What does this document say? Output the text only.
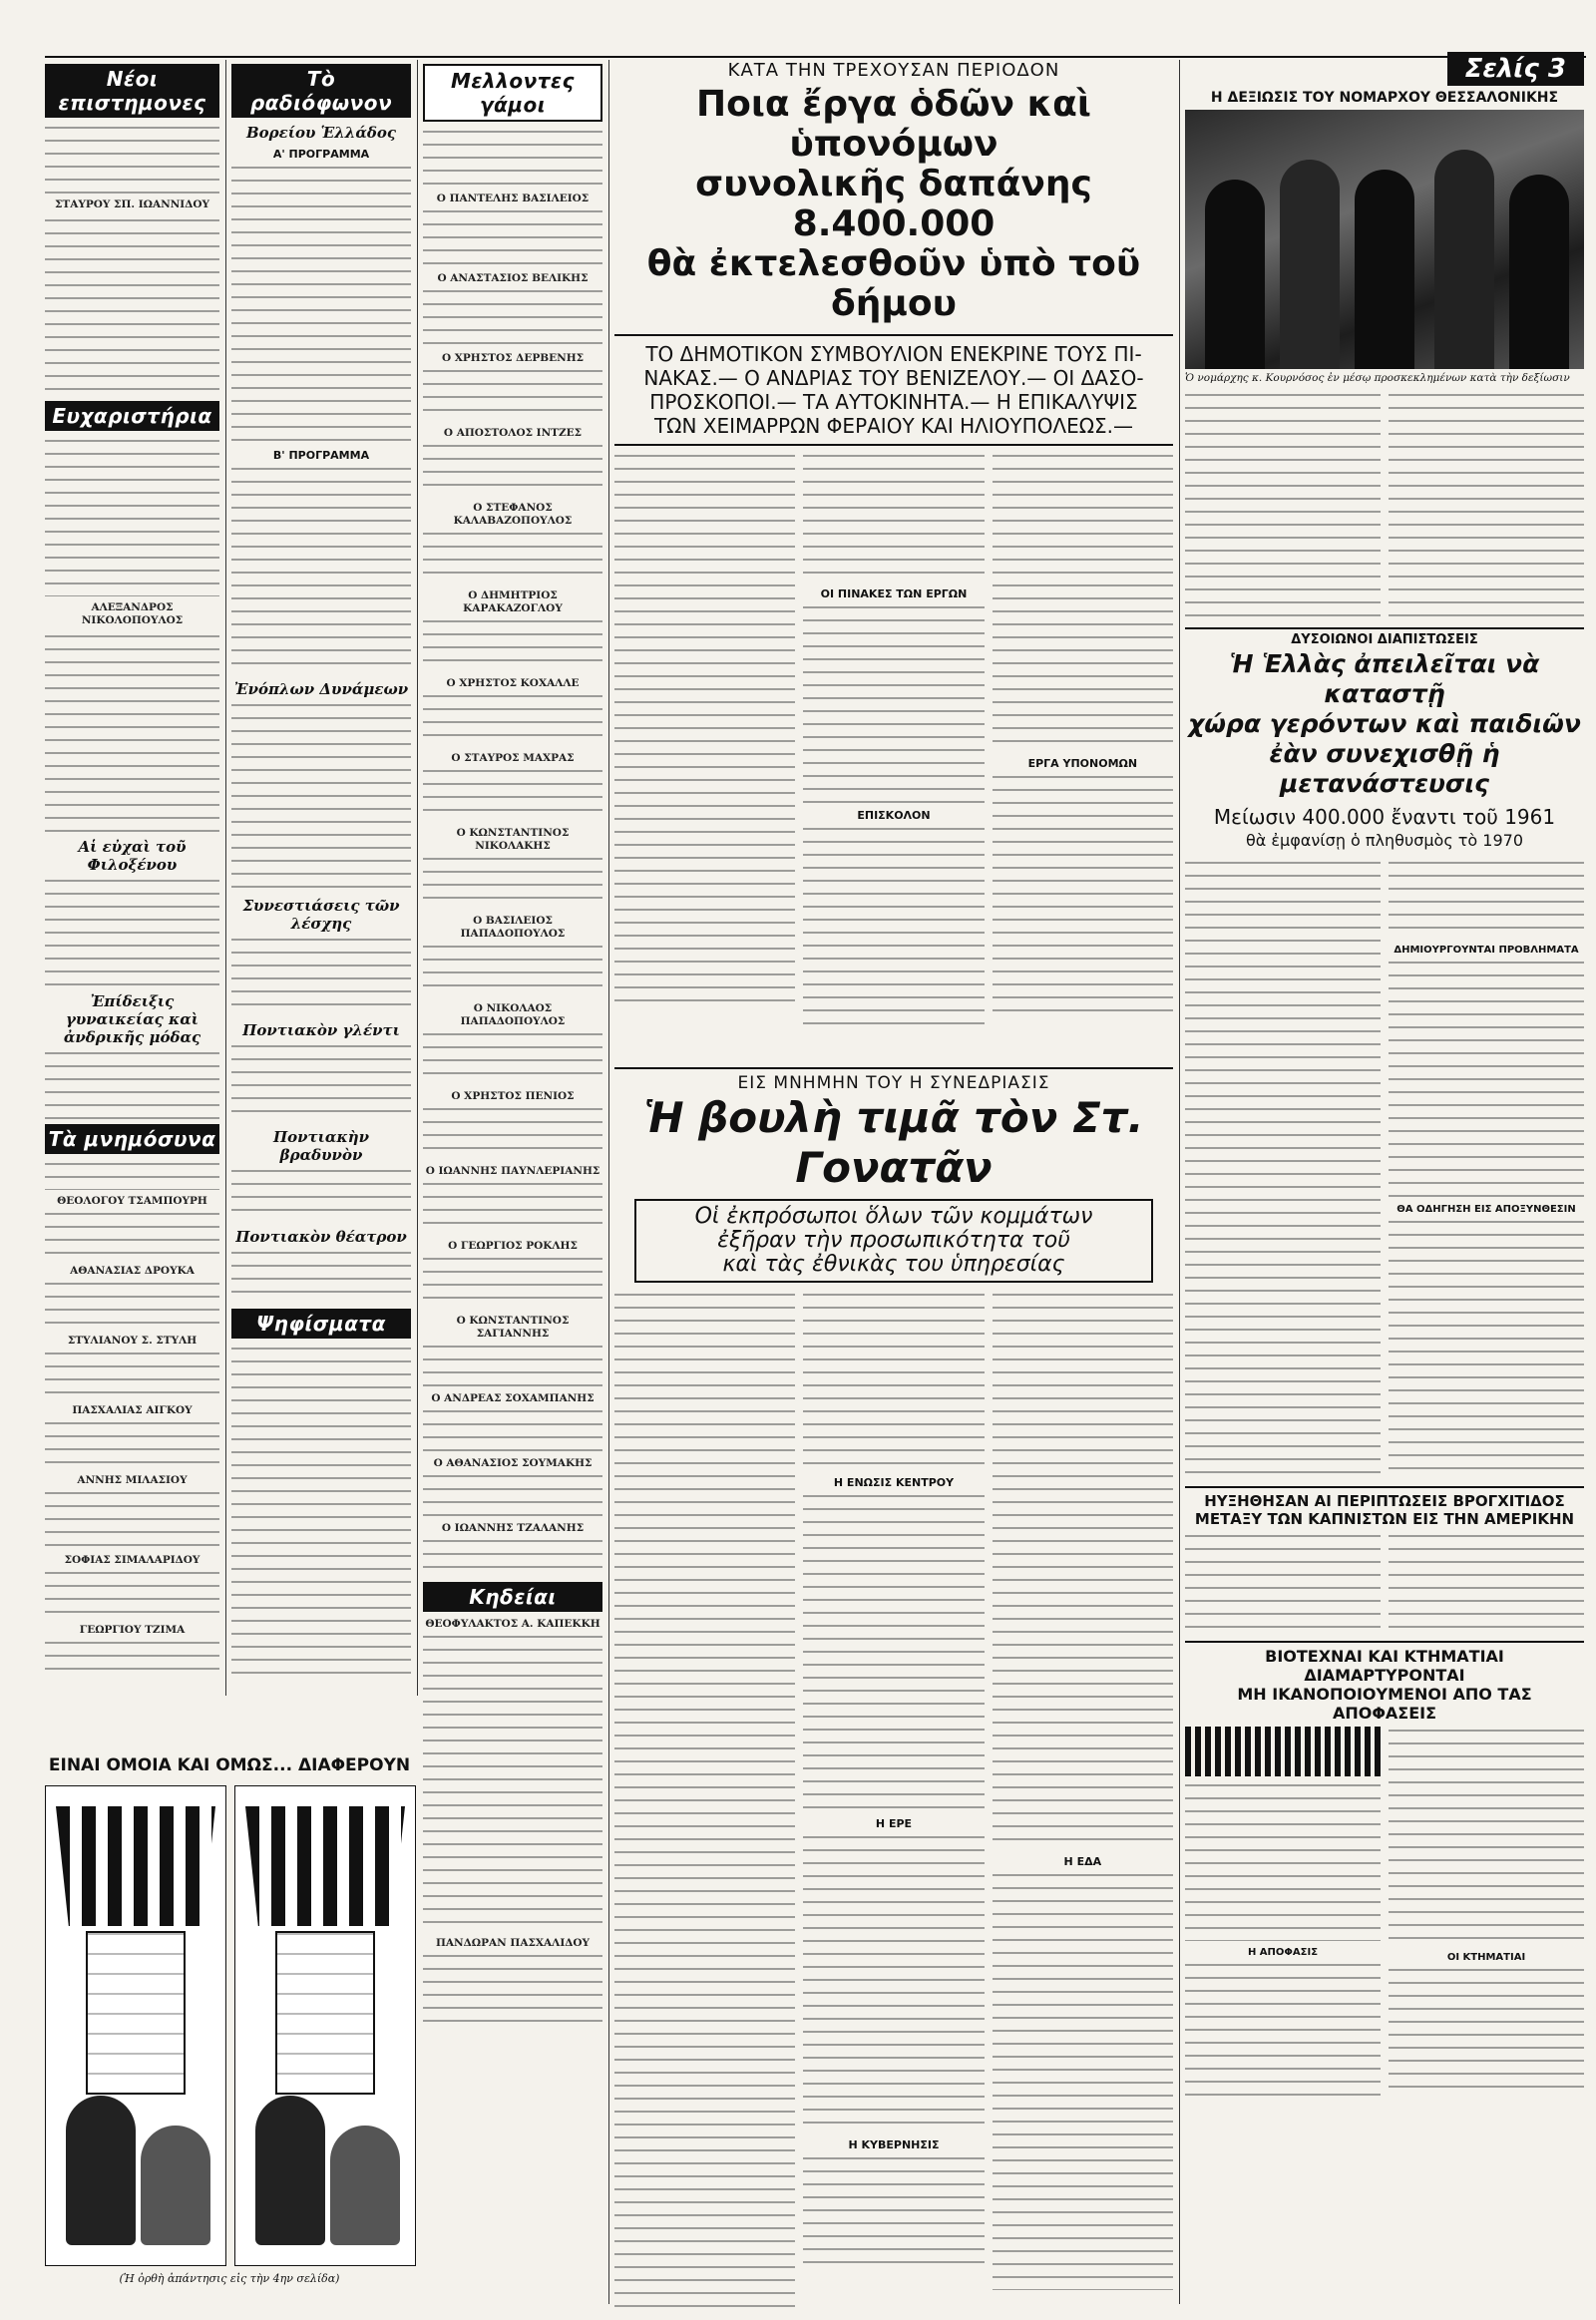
Νέοι επιστημονες
ΣΤΑΥΡΟΥ ΣΠ. ΙΩΑΝΝΙΔΟΥ
Ευχαριστήρια
ΑΛΕΞΑΝΔΡΟΣ ΝΙΚΟΛΟΠΟΥΛΟΣ
Αἱ εὐχαὶ τοῦ Φιλοξένου
Ἐπίδειξις γυναικείας καὶ ἀνδρικῆς μόδας
Τὰ μνημόσυνα
ΘΕΟΛΟΓΟΥ ΤΣΑΜΠΟΥΡΗ
ΑΘΑΝΑΣΙΑΣ ΔΡΟΥΚΑ
ΣΤΥΛΙΑΝΟΥ Σ. ΣΤΥΛΗ
ΠΑΣΧΑΛΙΑΣ ΑΙΓΚΟΥ
ΑΝΝΗΣ ΜΙΛΑΣΙΟΥ
ΣΟΦΙΑΣ ΣΙΜΑΛΑΡΙΔΟΥ
ΓΕΩΡΓΙΟΥ ΤΖΙΜΑ
Τὸ ραδιόφωνον
Βορείου Ἑλλάδος
Α' ΠΡΟΓΡΑΜΜΑ
Β' ΠΡΟΓΡΑΜΜΑ
Ἐνόπλων Δυνάμεων
Συνεστιάσεις τῶν λέσχης
Ποντιακὸν γλέντι
Ποντιακὴν βραδυνὸν
Ποντιακὸν θέατρον
Ψηφίσματα
Μελλοντες γάμοι
Ο ΠΑΝΤΕΛΗΣ ΒΑΣΙΛΕΙΟΣ
Ο ΑΝΑΣΤΑΣΙΟΣ ΒΕΛΙΚΗΣ
Ο ΧΡΗΣΤΟΣ ΔΕΡΒΕΝΗΣ
Ο ΑΠΟΣΤΟΛΟΣ ΙΝΤΖΕΣ
Ο ΣΤΕΦΑΝΟΣ ΚΑΛΑΒΑΖΟΠΟΥΛΟΣ
Ο ΔΗΜΗΤΡΙΟΣ ΚΑΡΑΚΑΖΟΓΛΟΥ
Ο ΧΡΗΣΤΟΣ ΚΟΧΑΛΛΕ
Ο ΣΤΑΥΡΟΣ ΜΑΧΡΑΣ
Ο ΚΩΝΣΤΑΝΤΙΝΟΣ ΝΙΚΟΛΑΚΗΣ
Ο ΒΑΣΙΛΕΙΟΣ ΠΑΠΑΔΟΠΟΥΛΟΣ
Ο ΝΙΚΟΛΑΟΣ ΠΑΠΑΔΟΠΟΥΛΟΣ
Ο ΧΡΗΣΤΟΣ ΠΕΝΙΟΣ
Ο ΙΩΑΝΝΗΣ ΠΑΥΝΛΕΡΙΑΝΗΣ
Ο ΓΕΩΡΓΙΟΣ ΡΟΚΛΗΣ
Ο ΚΩΝΣΤΑΝΤΙΝΟΣ ΣΑΓΙΑΝΝΗΣ
Ο ΑΝΔΡΕΑΣ ΣΟΧΑΜΠΑΝΗΣ
Ο ΑΘΑΝΑΣΙΟΣ ΣΟΥΜΑΚΗΣ
Ο ΙΩΑΝΝΗΣ ΤΖΑΛΑΝΗΣ
Κηδείαι
ΘΕΟΦΥΛΑΚΤΟΣ Α. ΚΑΠΕΚΚΗ
ΠΑΝΔΩΡΑΝ ΠΑΣΧΑΛΙΔΟΥ
ΕΙΝΑΙ ΟΜΟΙΑ ΚΑΙ ΟΜΩΣ... ΔΙΑΦΕΡΟΥΝ
(Ἡ ὀρθὴ ἀπάντησις εἰς τὴν 4ην σελίδα)
ΚΑΤΑ ΤΗΝ ΤΡΕΧΟΥΣΑΝ ΠΕΡΙΟΔΟΝ
Ποια ἔργα ὁδῶν καὶ ὑπονόμων
συνολικῆς δαπάνης 8.400.000
θὰ ἐκτελεσθοῦν ὑπὸ τοῦ δήμου
ΤΟ ΔΗΜΟΤΙΚΟΝ ΣΥΜΒΟΥΛΙΟΝ ΕΝΕΚΡΙΝΕ ΤΟΥΣ ΠΙ-
ΝΑΚΑΣ.— Ο ΑΝΔΡΙΑΣ ΤΟΥ ΒΕΝΙΖΕΛΟΥ.— ΟΙ ΔΑΣΟ-
ΠΡΟΣΚΟΠΟΙ.— ΤΑ ΑΥΤΟΚΙΝΗΤΑ.— Η ΕΠΙΚΑΛΥΨΙΣ
ΤΩΝ ΧΕΙΜΑΡΡΩΝ ΦΕΡΑΙΟΥ ΚΑΙ ΗΛΙΟΥΠΟΛΕΩΣ.—
ΟΙ ΠΙΝΑΚΕΣ ΤΩΝ ΕΡΓΩΝ
ΕΠΙΣΚΟΛΟΝ
ΕΡΓΑ ΥΠΟΝΟΜΩΝ
ΕΙΣ ΜΝΗΜΗΝ ΤΟΥ Η ΣΥΝΕΔΡΙΑΣΙΣ
Ἡ βουλὴ τιμᾶ τὸν Στ. Γονατᾶν
Οἱ ἐκπρόσωποι ὅλων τῶν κομμάτων
ἐξῆραν τὴν προσωπικότητα τοῦ
καὶ τὰς ἐθνικὰς του ὑπηρεσίας
Η ΕΝΩΣΙΣ ΚΕΝΤΡΟΥ
Η ΕΡΕ
Η ΚΥΒΕΡΝΗΣΙΣ
Η ΕΔΑ
Σελίς 3
Η ΔΕΞΙΩΣΙΣ ΤΟΥ ΝΟΜΑΡΧΟΥ ΘΕΣΣΑΛΟΝΙΚΗΣ
Ὁ νομάρχης κ. Κουρνόσος ἐν μέσῳ προσκεκλημένων κατὰ τὴν δεξίωσιν
ΔΥΣΟΙΩΝΟΙ ΔΙΑΠΙΣΤΩΣΕΙΣ
Ἡ Ἑλλὰς ἀπειλεῖται νὰ καταστῇ
χώρα γερόντων καὶ παιδιῶν
ἐὰν συνεχισθῇ ἡ μετανάστευσις
Μείωσιν 400.000 ἔναντι τοῦ 1961
θὰ ἐμφανίσῃ ὁ πληθυσμὸς τὸ 1970
ΔΗΜΙΟΥΡΓΟΥΝΤΑΙ ΠΡΟΒΛΗΜΑΤΑ
ΘΑ ΟΔΗΓΗΣΗ ΕΙΣ ΑΠΟΞΥΝΘΕΣΙΝ
ΗΥΞΗΘΗΣΑΝ ΑΙ ΠΕΡΙΠΤΩΣΕΙΣ ΒΡΟΓΧΙΤΙΔΟΣ
ΜΕΤΑΞΥ ΤΩΝ ΚΑΠΝΙΣΤΩΝ ΕΙΣ ΤΗΝ ΑΜΕΡΙΚΗΝ
ΒΙΟΤΕΧΝΑΙ ΚΑΙ ΚΤΗΜΑΤΙΑΙ ΔΙΑΜΑΡΤΥΡΟΝΤΑΙ
ΜΗ ΙΚΑΝΟΠΟΙΟΥΜΕΝΟΙ ΑΠΟ ΤΑΣ ΑΠΟΦΑΣΕΙΣ
Η ΑΠΟΦΑΣΙΣ	ΟΙ ΚΤΗΜΑΤΙΑΙ
